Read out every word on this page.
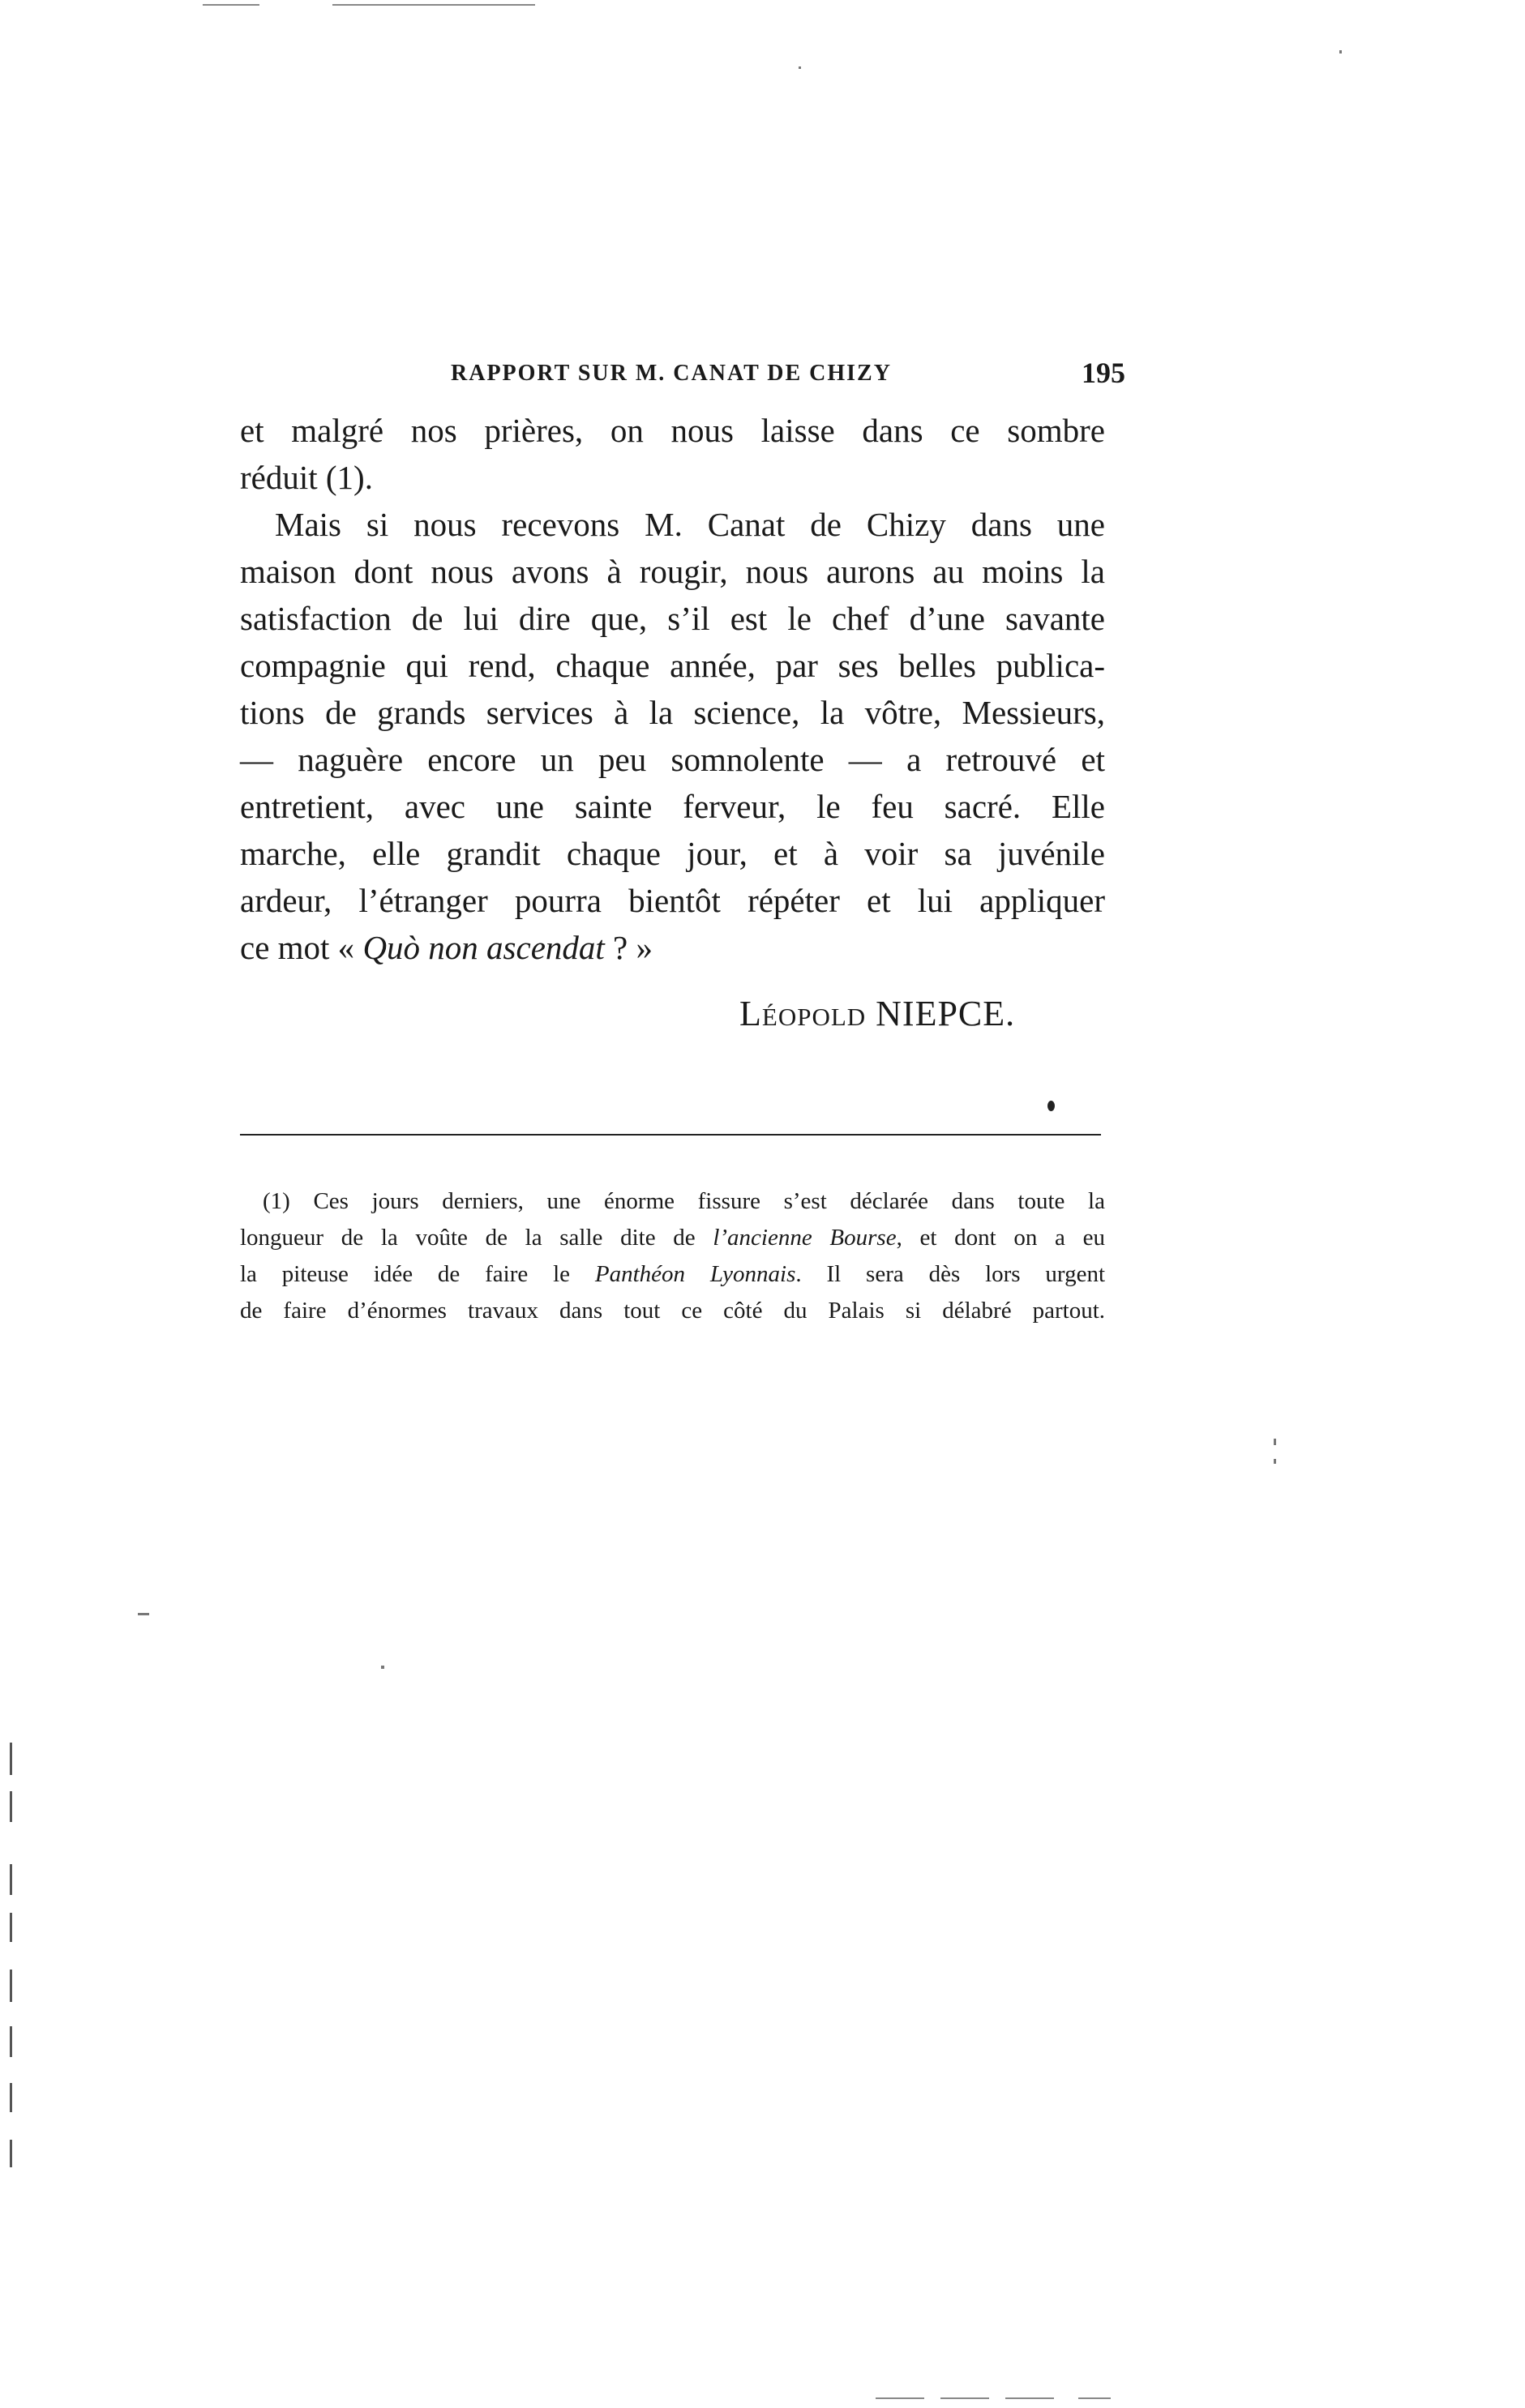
RAPPORT SUR M. CANAT DE CHIZY	195
et malgré nos prières, on nous laisse dans ce sombre
réduit (1).
Mais si nous recevons M. Canat de Chizy dans une
maison dont nous avons à rougir, nous aurons au moins la
satisfaction de lui dire que, s’il est le chef d’une savante
compagnie qui rend, chaque année, par ses belles publica-
tions de grands services à la science, la vôtre, Messieurs,
— naguère encore un peu somnolente — a retrouvé et
entretient, avec une sainte ferveur, le feu sacré. Elle
marche, elle grandit chaque jour, et à voir sa juvénile
ardeur, l’étranger pourra bientôt répéter et lui appliquer
ce mot « Quò non ascendat ? »
Léopold NIEPCE.
(1) Ces jours derniers, une énorme fissure s’est déclarée dans toute la
longueur de la voûte de la salle dite de l’ancienne Bourse, et dont on a eu
la piteuse idée de faire le Panthéon Lyonnais. Il sera dès lors urgent
de faire d’énormes travaux dans tout ce côté du Palais si délabré partout.
